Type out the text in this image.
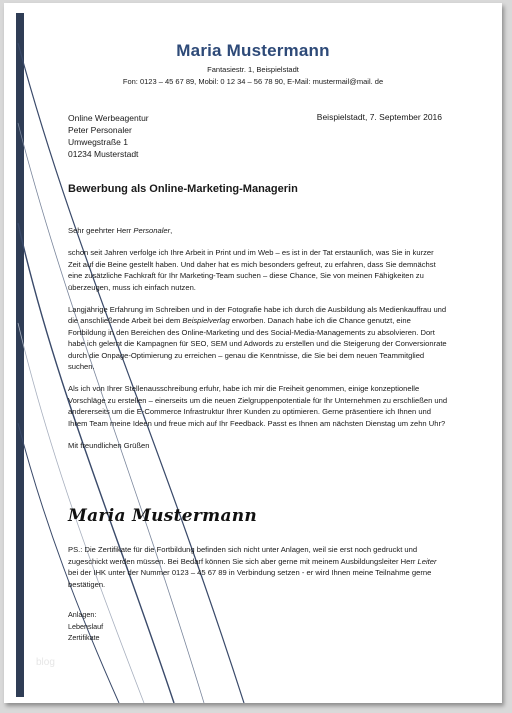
Maria Mustermann
Fantasiestr. 1, Beispielstadt
Fon: 0123 – 45 67 89, Mobil: 0 12 34 – 56 78 90, E-Mail: mustermail@mail. de
Online Werbeagentur
Peter Personaler
Umwegstraße 1
01234 Musterstadt
Beispielstadt, 7. September 2016
Bewerbung als Online-Marketing-Managerin

Sehr geehrter Herr Personaler,

schon seit Jahren verfolge ich Ihre Arbeit in Print und im Web – es ist in der Tat erstaunlich, was Sie in kurzer Zeit auf die Beine gestellt haben. Und daher hat es mich besonders gefreut, zu erfahren, dass Sie demnächst eine zusätzliche Fachkraft für Ihr Marketing-Team suchen – diese Chance, Sie von meinen Fähigkeiten zu überzeugen, muss ich einfach nutzen.

Langjährige Erfahrung im Schreiben und in der Fotografie habe ich durch die Ausbildung als Medienkauffrau und die anschließende Arbeit bei dem Beispielverlag erworben. Danach habe ich die Chance genutzt, eine Fortbildung in den Bereichen des Online-Marketing und des Social-Media-Managements zu absolvieren. Dort habe ich gelernt die Kampagnen für SEO, SEM und Adwords zu erstellen und die Steigerung der Conversionrate durch die Onpage-Optimierung zu erreichen – genau die Kenntnisse, die Sie bei dem neuen Teammitglied suchen.

Als ich von Ihrer Stellenausschreibung erfuhr, habe ich mir die Freiheit genommen, einige konzeptionelle Vorschläge zu erstellen – einerseits um die neuen Zielgruppenpotentiale für Ihr Unternehmen zu erschließen und andererseits um die E-Commerce Infrastruktur Ihrer Kunden zu optimieren. Gerne präsentiere ich Ihnen und Ihrem Team meine Ideen und freue mich auf Ihr Feedback. Passt es Ihnen am nächsten Dienstag um zehn Uhr?

Mit freundlichen Grüßen

Maria Mustermann

PS.: Die Zertifikate für die Fortbildung befinden sich nicht unter Anlagen, weil sie erst noch gedruckt und zugeschickt werden müssen. Bei Bedarf können Sie sich aber gerne mit meinem Ausbildungsleiter Herr Leiter bei der IHK unter der Nummer 0123 – 45 67 89 in Verbindung setzen - er wird Ihnen meine Teilnahme gerne bestätigen.

Anlagen:
Lebenslauf
Zertifikate
blog
